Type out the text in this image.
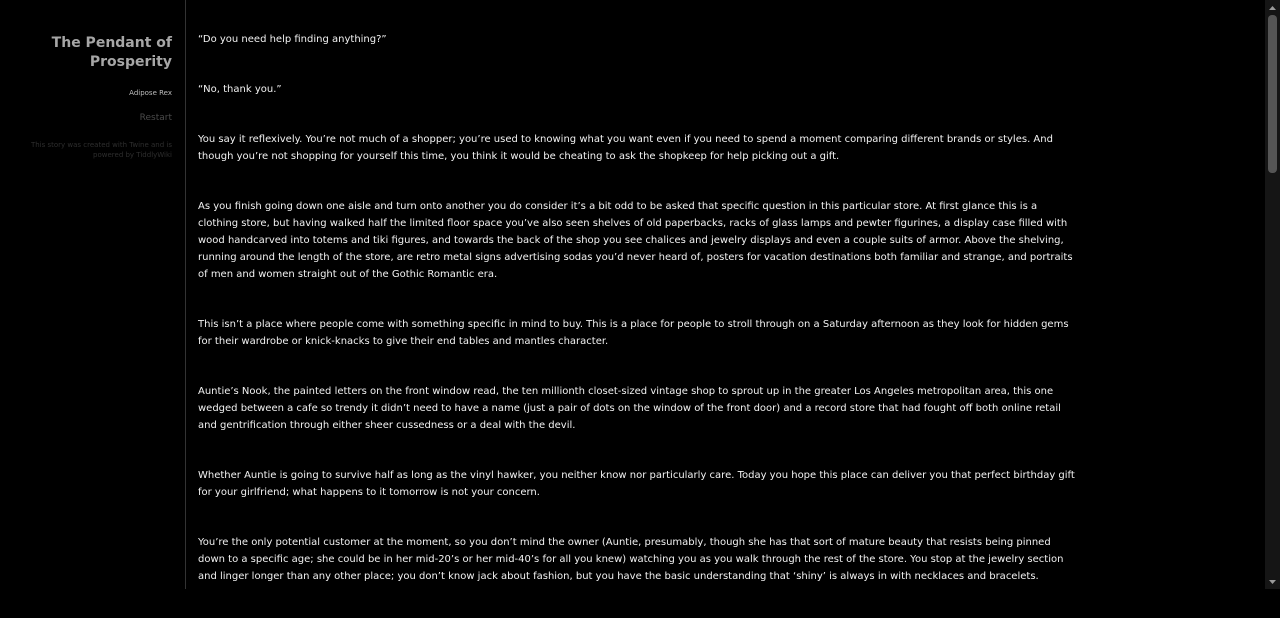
The Pendant of Prosperity
Adipose Rex
Restart
This story was created with Twine and is powered by TiddlyWiki

“Do you need help finding anything?”

“No, thank you.”

You say it reflexively. You’re not much of a shopper; you’re used to knowing what you want even if you need to spend a moment comparing different brands or styles. And though you’re not shopping for yourself this time, you think it would be cheating to ask the shopkeep for help picking out a gift.

As you finish going down one aisle and turn onto another you do consider it’s a bit odd to be asked that specific question in this particular store. At first glance this is a clothing store, but having walked half the limited floor space you’ve also seen shelves of old paperbacks, racks of glass lamps and pewter figurines, a display case filled with wood handcarved into totems and tiki figures, and towards the back of the shop you see chalices and jewelry displays and even a couple suits of armor. Above the shelving, running around the length of the store, are retro metal signs advertising sodas you’d never heard of, posters for vacation destinations both familiar and strange, and portraits of men and women straight out of the Gothic Romantic era.

This isn’t a place where people come with something specific in mind to buy. This is a place for people to stroll through on a Saturday afternoon as they look for hidden gems for their wardrobe or knick-knacks to give their end tables and mantles character.

Auntie’s Nook, the painted letters on the front window read, the ten millionth closet-sized vintage shop to sprout up in the greater Los Angeles metropolitan area, this one wedged between a cafe so trendy it didn’t need to have a name (just a pair of dots on the window of the front door) and a record store that had fought off both online retail and gentrification through either sheer cussedness or a deal with the devil.

Whether Auntie is going to survive half as long as the vinyl hawker, you neither know nor particularly care. Today you hope this place can deliver you that perfect birthday gift for your girlfriend; what happens to it tomorrow is not your concern.

You’re the only potential customer at the moment, so you don’t mind the owner (Auntie, presumably, though she has that sort of mature beauty that resists being pinned down to a specific age; she could be in her mid-20’s or her mid-40’s for all you knew) watching you as you walk through the rest of the store. You stop at the jewelry section and linger longer than any other place; you don’t know jack about fashion, but you have the basic understanding that ‘shiny’ is always in with necklaces and bracelets.
